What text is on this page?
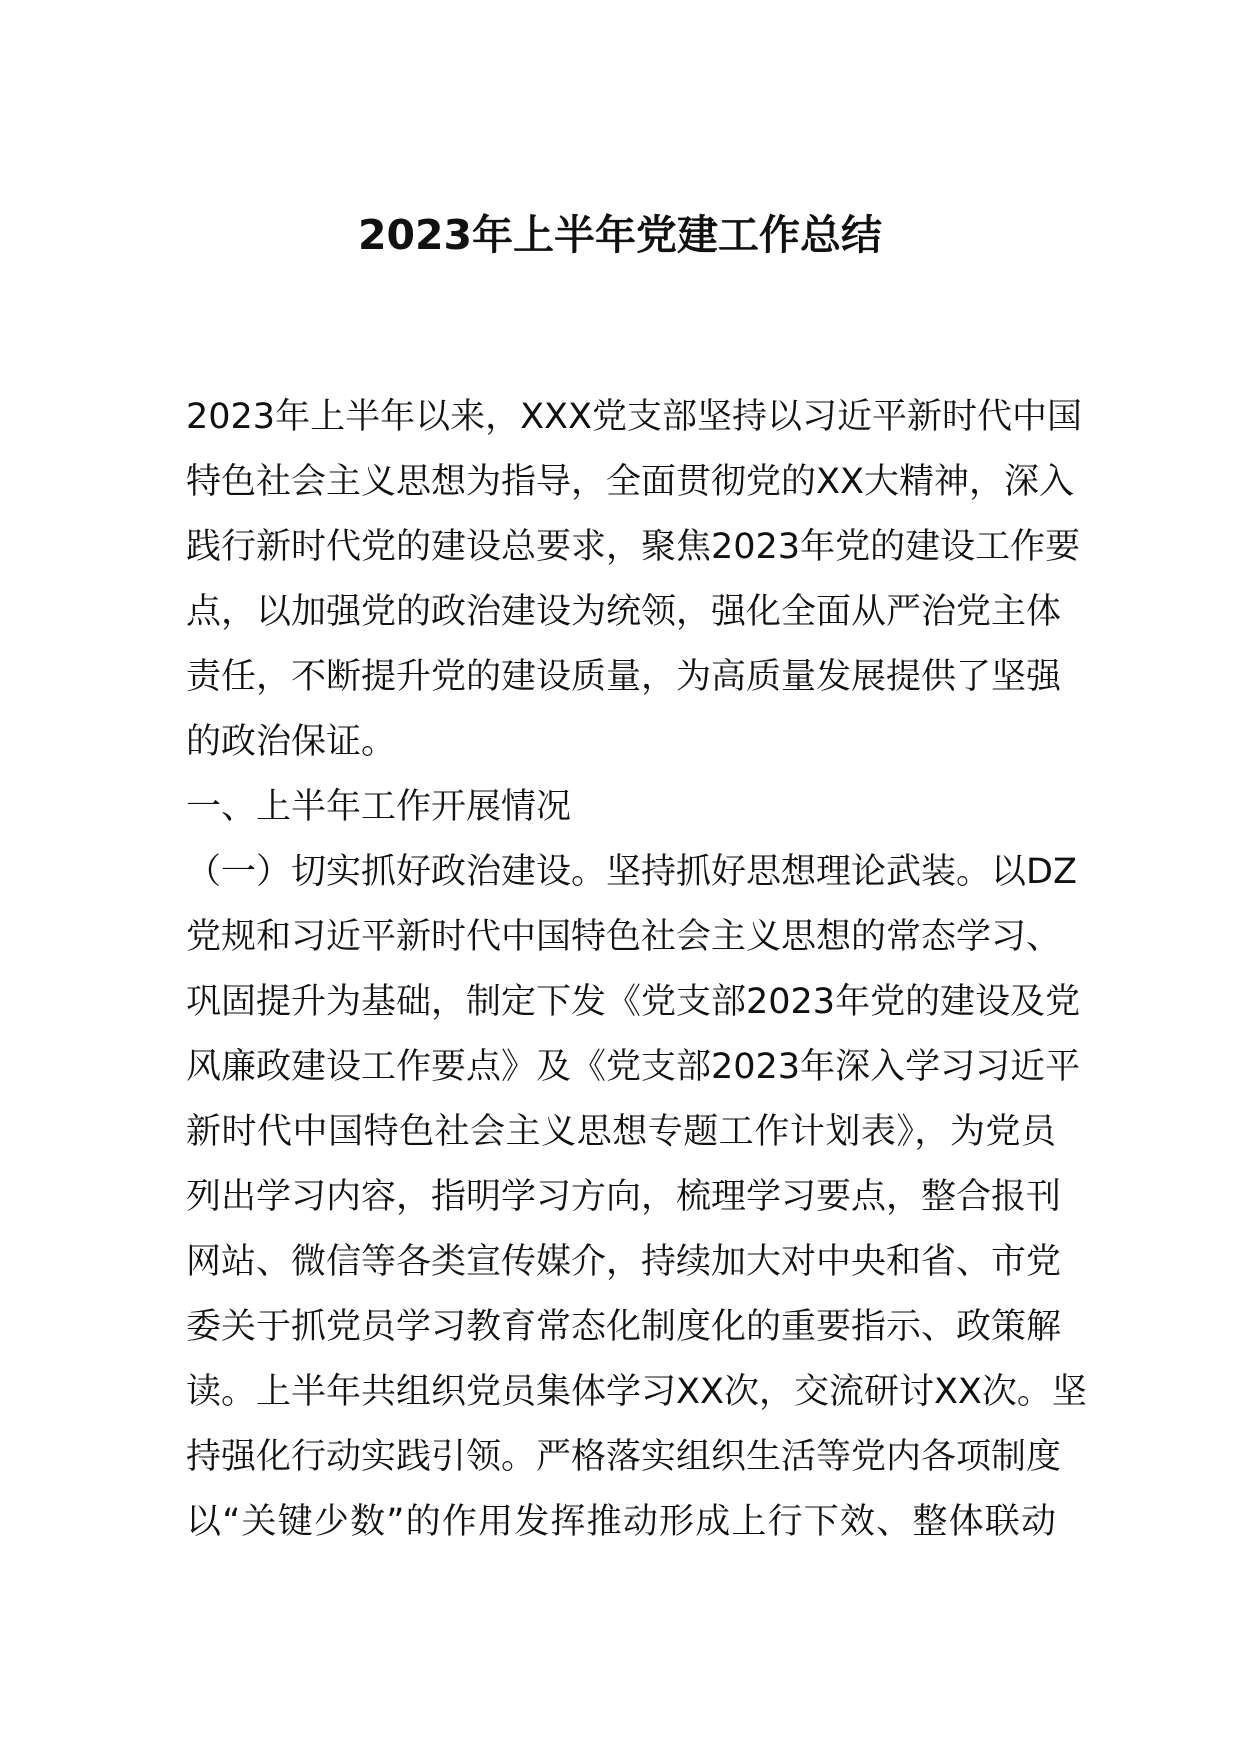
2023年上半年党建工作总结
2023年上半年以来，XXX党支部坚持以习近平新时代中国
特色社会主义思想为指导，全面贯彻党的XX大精神，深入
践行新时代党的建设总要求，聚焦2023年党的建设工作要
点，以加强党的政治建设为统领，强化全面从严治党主体
责任，不断提升党的建设质量，为高质量发展提供了坚强
的政治保证。
一、上半年工作开展情况
（一）切实抓好政治建设。坚持抓好思想理论武装。以DZ
党规和习近平新时代中国特色社会主义思想的常态学习、
巩固提升为基础，制定下发《党支部2023年党的建设及党
风廉政建设工作要点》及《党支部2023年深入学习习近平
新时代中国特色社会主义思想专题工作计划表》，为党员
列出学习内容，指明学习方向，梳理学习要点，整合报刊
网站、微信等各类宣传媒介，持续加大对中央和省、市党
委关于抓党员学习教育常态化制度化的重要指示、政策解
读。上半年共组织党员集体学习XX次，交流研讨XX次。坚
持强化行动实践引领。严格落实组织生活等党内各项制度
以“关键少数”的作用发挥推动形成上行下效、整体联动
